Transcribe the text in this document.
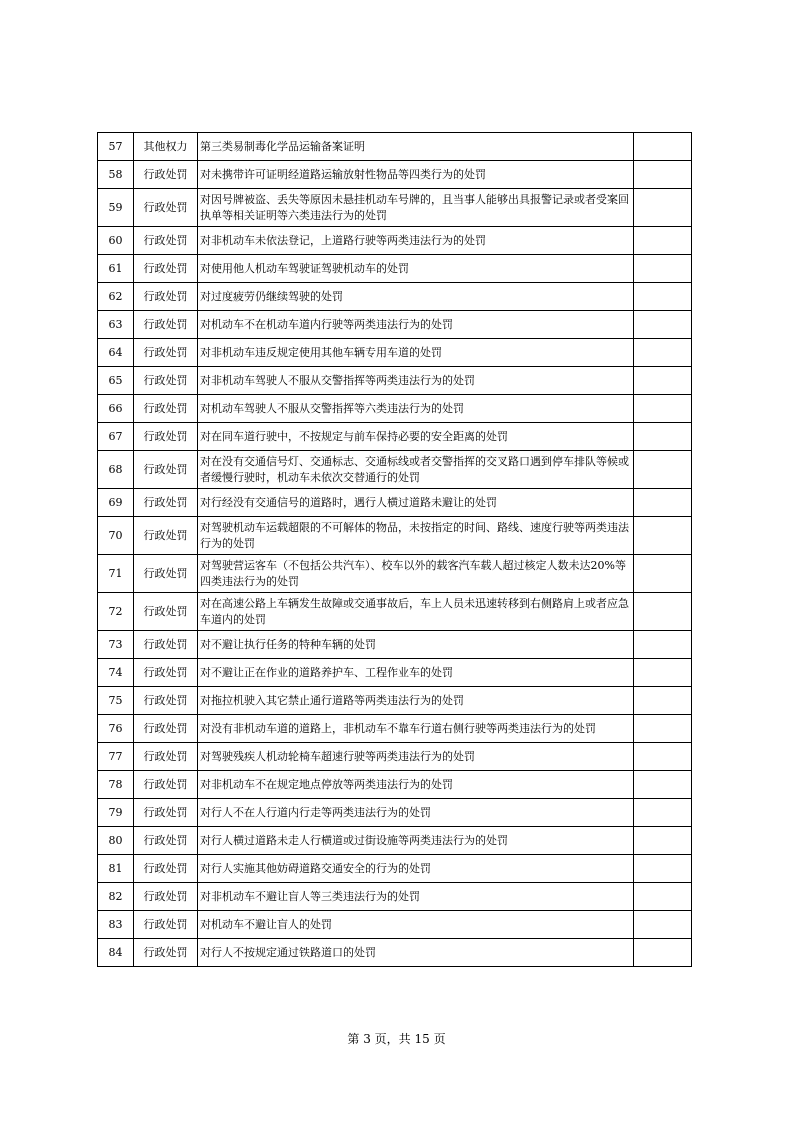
57	其他权力	第三类易制毒化学品运输备案证明	
58	行政处罚	对未携带许可证明经道路运输放射性物品等四类行为的处罚	
59	行政处罚	对因号牌被盗、丢失等原因未悬挂机动车号牌的，且当事人能够出具报警记录或者受案回执单等相关证明等六类违法行为的处罚	
60	行政处罚	对非机动车未依法登记，上道路行驶等两类违法行为的处罚	
61	行政处罚	对使用他人机动车驾驶证驾驶机动车的处罚	
62	行政处罚	对过度疲劳仍继续驾驶的处罚	
63	行政处罚	对机动车不在机动车道内行驶等两类违法行为的处罚	
64	行政处罚	对非机动车违反规定使用其他车辆专用车道的处罚	
65	行政处罚	对非机动车驾驶人不服从交警指挥等两类违法行为的处罚	
66	行政处罚	对机动车驾驶人不服从交警指挥等六类违法行为的处罚	
67	行政处罚	对在同车道行驶中，不按规定与前车保持必要的安全距离的处罚	
68	行政处罚	对在没有交通信号灯、交通标志、交通标线或者交警指挥的交叉路口遇到停车排队等候或者缓慢行驶时，机动车未依次交替通行的处罚	
69	行政处罚	对行经没有交通信号的道路时，遇行人横过道路未避让的处罚	
70	行政处罚	对驾驶机动车运载超限的不可解体的物品，未按指定的时间、路线、速度行驶等两类违法行为的处罚	
71	行政处罚	对驾驶营运客车（不包括公共汽车）、校车以外的载客汽车载人超过核定人数未达20%等四类违法行为的处罚	
72	行政处罚	对在高速公路上车辆发生故障或交通事故后，车上人员未迅速转移到右侧路肩上或者应急车道内的处罚	
73	行政处罚	对不避让执行任务的特种车辆的处罚	
74	行政处罚	对不避让正在作业的道路养护车、工程作业车的处罚	
75	行政处罚	对拖拉机驶入其它禁止通行道路等两类违法行为的处罚	
76	行政处罚	对没有非机动车道的道路上，非机动车不靠车行道右侧行驶等两类违法行为的处罚	
77	行政处罚	对驾驶残疾人机动轮椅车超速行驶等两类违法行为的处罚	
78	行政处罚	对非机动车不在规定地点停放等两类违法行为的处罚	
79	行政处罚	对行人不在人行道内行走等两类违法行为的处罚	
80	行政处罚	对行人横过道路未走人行横道或过街设施等两类违法行为的处罚	
81	行政处罚	对行人实施其他妨碍道路交通安全的行为的处罚	
82	行政处罚	对非机动车不避让盲人等三类违法行为的处罚	
83	行政处罚	对机动车不避让盲人的处罚	
84	行政处罚	对行人不按规定通过铁路道口的处罚	
第 3 页，共 15 页
